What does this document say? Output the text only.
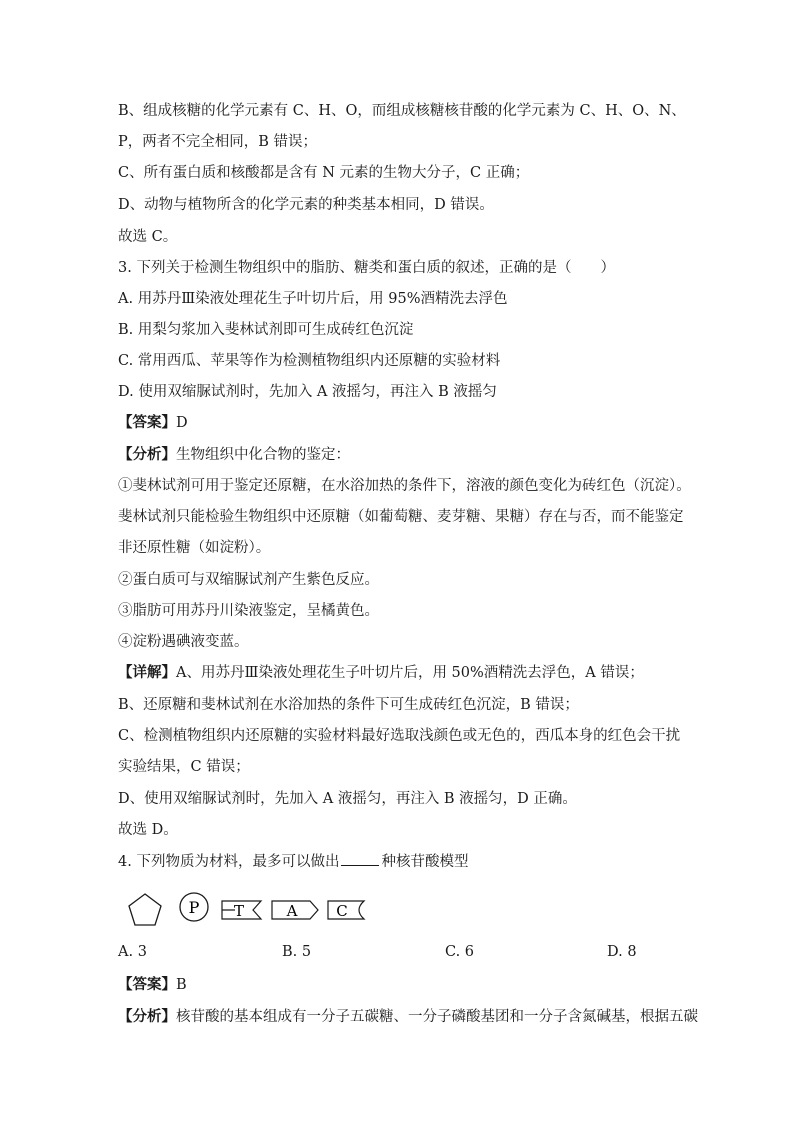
B、组成核糖的化学元素有 C、H、O，而组成核糖核苷酸的化学元素为 C、H、O、N、
P，两者不完全相同，B 错误；
C、所有蛋白质和核酸都是含有 N 元素的生物大分子，C 正确；
D、动物与植物所含的化学元素的种类基本相同，D 错误。
故选 C。
3. 下列关于检测生物组织中的脂肪、糖类和蛋白质的叙述，正确的是（　　）
A. 用苏丹Ⅲ染液处理花生子叶切片后，用 95%酒精洗去浮色
B. 用梨匀浆加入斐林试剂即可生成砖红色沉淀
C. 常用西瓜、苹果等作为检测植物组织内还原糖的实验材料
D. 使用双缩脲试剂时，先加入 A 液摇匀，再注入 B 液摇匀
【答案】D
【分析】生物组织中化合物的鉴定：
①斐林试剂可用于鉴定还原糖，在水浴加热的条件下，溶液的颜色变化为砖红色（沉淀）。
斐林试剂只能检验生物组织中还原糖（如葡萄糖、麦芽糖、果糖）存在与否，而不能鉴定
非还原性糖（如淀粉）。
②蛋白质可与双缩脲试剂产生紫色反应。
③脂肪可用苏丹川染液鉴定，呈橘黄色。
④淀粉遇碘液变蓝。
【详解】A、用苏丹Ⅲ染液处理花生子叶切片后，用 50%酒精洗去浮色，A 错误；
B、还原糖和斐林试剂在水浴加热的条件下可生成砖红色沉淀，B 错误；
C、检测植物组织内还原糖的实验材料最好选取浅颜色或无色的，西瓜本身的红色会干扰
实验结果，C 错误；
D、使用双缩脲试剂时，先加入 A 液摇匀，再注入 B 液摇匀，D 正确。
故选 D。
4. 下列物质为材料，最多可以做出	种核苷酸模型
P T	A	C
A. 3	B. 5	C. 6	D. 8
【答案】B
【分析】核苷酸的基本组成有一分子五碳糖、一分子磷酸基团和一分子含氮碱基，根据五碳
